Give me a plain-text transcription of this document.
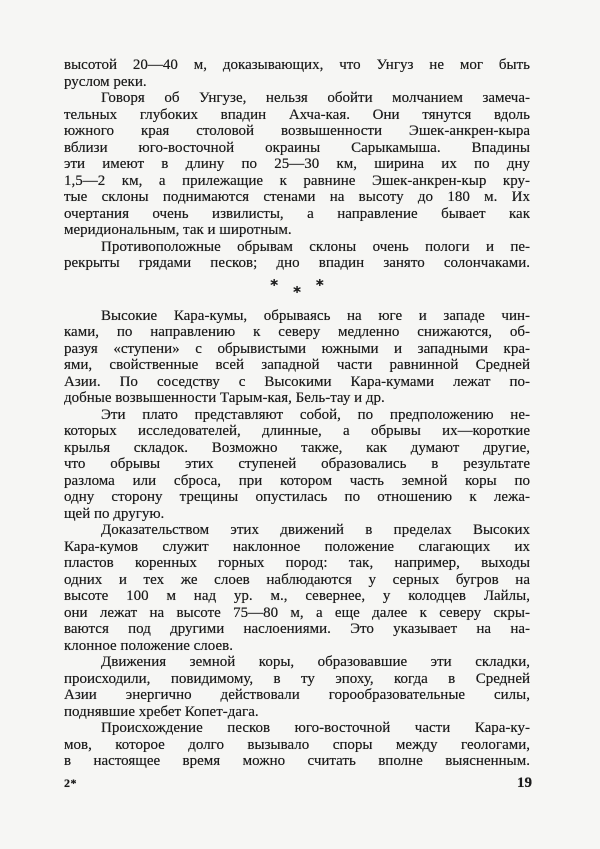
высотой 20—40 м, доказывающих, что Унгуз не мог быть
руслом реки.
Говоря об Унгузе, нельзя обойти молчанием замеча-
тельных глубоких впадин Ахча-кая. Они тянутся вдоль
южного края столовой возвышенности Эшек-анкрен-кыра
вблизи юго-восточной окраины Сарыкамыша. Впадины
эти имеют в длину по 25—30 км, ширина их по дну
1,5—2 км, а прилежащие к равнине Эшек-анкрен-кыр кру-
тые склоны поднимаются стенами на высоту до 180 м. Их
очертания очень извилисты, а направление бывает как
меридиональным, так и широтным.
Противоположные обрывам склоны очень пологи и пе-
рекрыты грядами песков; дно впадин занято солончаками.
* * *
Высокие Кара-кумы, обрываясь на юге и западе чин-
ками, по направлению к северу медленно снижаются, об-
разуя «ступени» с обрывистыми южными и западными кра-
ями, свойственные всей западной части равнинной Средней
Азии. По соседству с Высокими Кара-кумами лежат по-
добные возвышенности Тарым-кая, Бель-тау и др.
Эти плато представляют собой, по предположению не-
которых исследователей, длинные, а обрывы их—короткие
крылья складок. Возможно также, как думают другие,
что обрывы этих ступеней образовались в результате
разлома или сброса, при котором часть земной коры по
одну сторону трещины опустилась по отношению к лежа-
щей по другую.
Доказательством этих движений в пределах Высоких
Кара-кумов служит наклонное положение слагающих их
пластов коренных горных пород: так, например, выходы
одних и тех же слоев наблюдаются у серных бугров на
высоте 100 м над ур. м., севернее, у колодцев Лайлы,
они лежат на высоте 75—80 м, а еще далее к северу скры-
ваются под другими наслоениями. Это указывает на на-
клонное положение слоев.
Движения земной коры, образовавшие эти складки,
происходили, повидимому, в ту эпоху, когда в Средней
Азии энергично действовали горообразовательные силы,
поднявшие хребет Копет-дага.
Происхождение песков юго-восточной части Кара-ку-
мов, которое долго вызывало споры между геологами,
в настоящее время можно считать вполне выясненным.
2*	19
